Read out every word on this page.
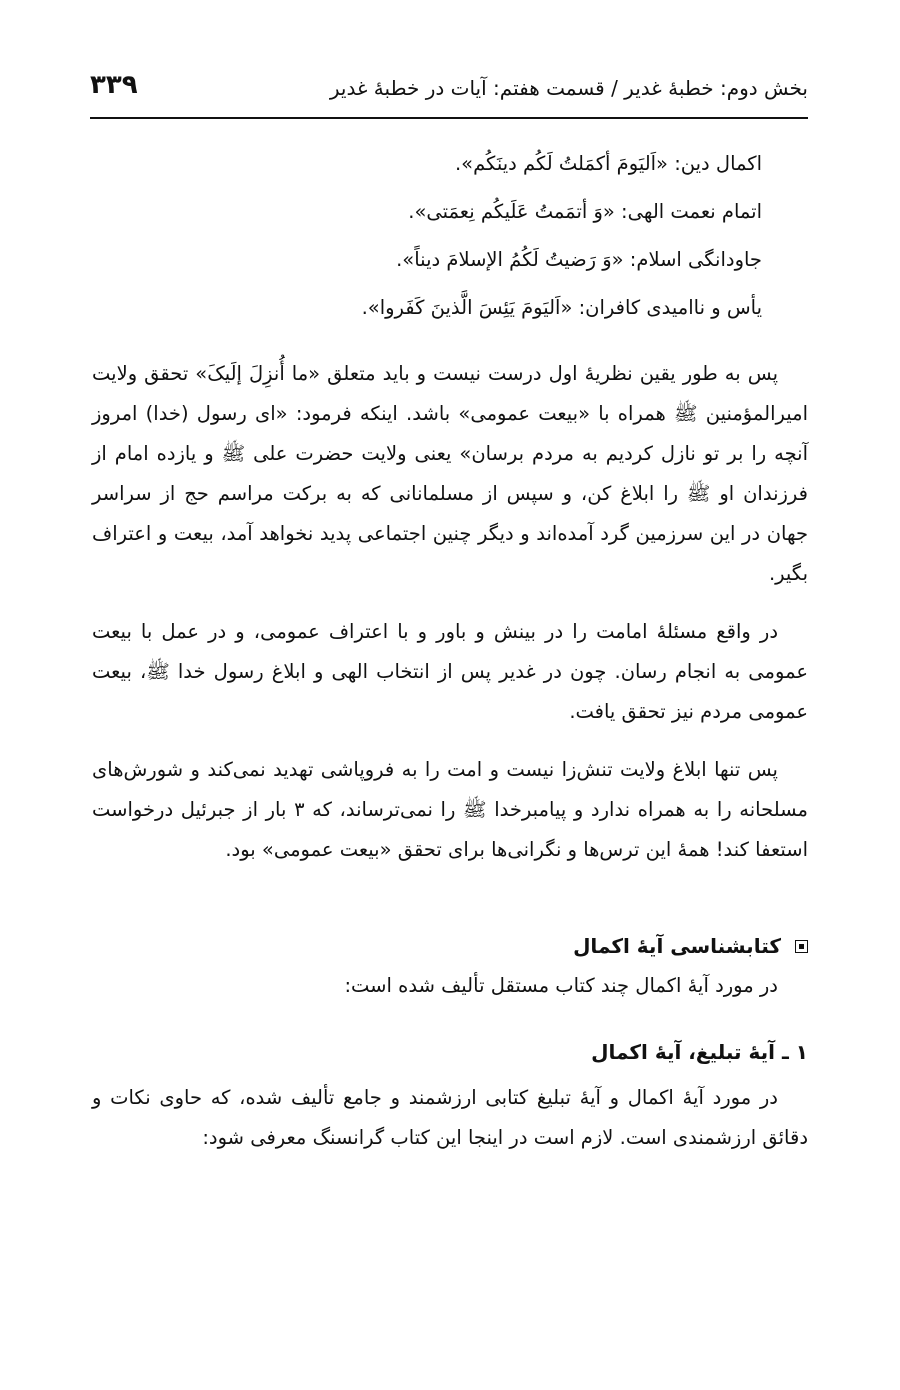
بخش دوم: خطبهٔ غدیر / قسمت هفتم: آیات در خطبهٔ غدیر
۳۳۹
اکمال دین: «اَلیَومَ أکمَلتُ لَکُم دینَکُم».
اتمام نعمت الهی: «وَ أتمَمتُ عَلَیکُم نِعمَتی».
جاودانگی اسلام: «وَ رَضیتُ لَکُمُ الإسلامَ دیناً».
یأس و ناامیدی کافران: «اَلیَومَ یَئِسَ الَّذینَ کَفَروا».

پس به طور یقین نظریهٔ اول درست نیست و باید متعلق «ما أُنزِلَ إلَیکَ» تحقق ولایت امیرالمؤمنین ﷺ همراه با «بیعت عمومی» باشد. اینکه فرمود: «ای رسول (خدا) امروز آنچه را بر تو نازل کردیم به مردم برسان» یعنی ولایت حضرت علی ﷺ و یازده امام از فرزندان او ﷺ را ابلاغ کن، و سپس از مسلمانانی که به برکت مراسم حج از سراسر جهان در این سرزمین گرد آمده‌اند و دیگر چنین اجتماعی پدید نخواهد آمد، بیعت و اعتراف بگیر.

در واقع مسئلهٔ امامت را در بینش و باور و با اعتراف عمومی، و در عمل با بیعت عمومی به انجام رسان. چون در غدیر پس از انتخاب الهی و ابلاغ رسول خدا ﷺ، بیعت عمومی مردم نیز تحقق یافت.

پس تنها ابلاغ ولایت تنش‌زا نیست و امت را به فروپاشی تهدید نمی‌کند و شورش‌های مسلحانه را به همراه ندارد و پیامبرخدا ﷺ را نمی‌ترساند، که ۳ بار از جبرئیل درخواست استعفا کند! همهٔ این ترس‌ها و نگرانی‌ها برای تحقق «بیعت عمومی» بود.

کتابشناسی آیهٔ اکمال

در مورد آیهٔ اکمال چند کتاب مستقل تألیف شده است:

۱ ـ آیهٔ تبلیغ، آیهٔ اکمال

در مورد آیهٔ اکمال و آیهٔ تبلیغ کتابی ارزشمند و جامع تألیف شده، که حاوی نکات و دقائق ارزشمندی است. لازم است در اینجا این کتاب گرانسنگ معرفی شود:
